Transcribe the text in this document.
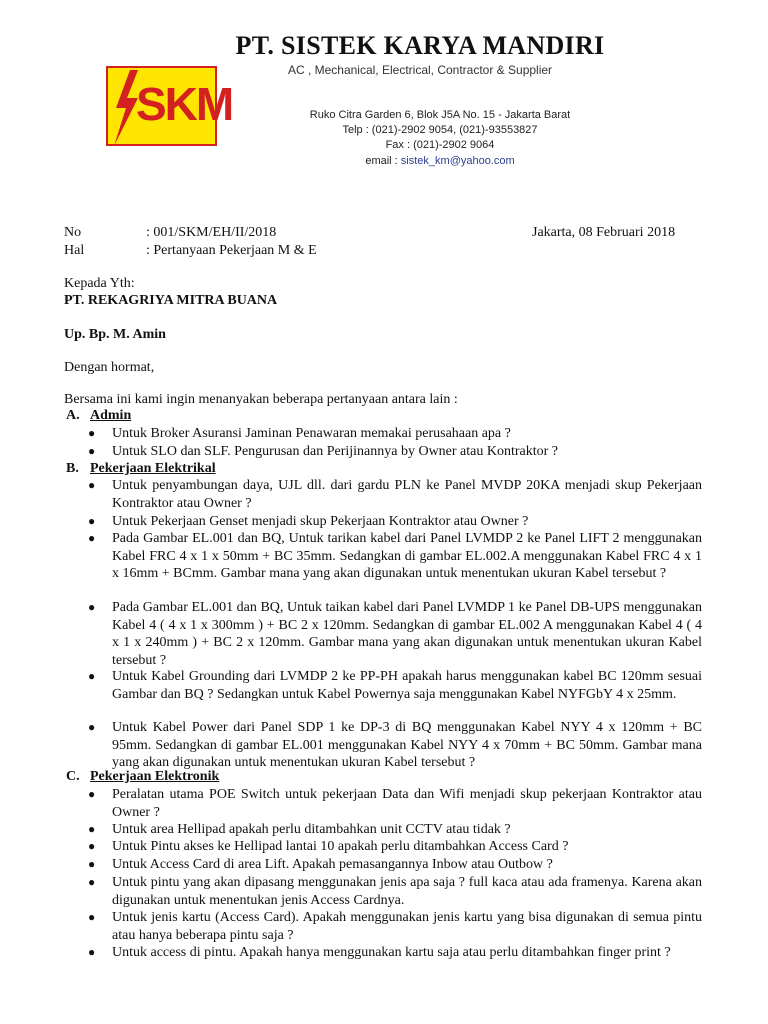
SKM
PT. SISTEK KARYA MANDIRI
AC , Mechanical, Electrical, Contractor & Supplier
Ruko Citra Garden 6, Blok J5A No. 15 - Jakarta Barat
Telp : (021)-2902 9054, (021)-93553827
Fax : (021)-2902 9064
email : sistek_km@yahoo.com
No	: 001/SKM/EH/II/2018
Hal	: Pertanyaan Pekerjaan M & E
Jakarta, 08 Februari 2018
Kepada Yth:
PT. REKAGRIYA MITRA BUANA
Up. Bp. M. Amin
Dengan hormat,
Bersama ini kami ingin menanyakan beberapa pertanyaan antara lain :
A. Admin
●	Untuk Broker Asuransi Jaminan Penawaran memakai perusahaan apa ?
●	Untuk SLO dan SLF. Pengurusan dan Perijinannya by Owner atau Kontraktor ?
B. Pekerjaan Elektrikal
●	Untuk penyambungan daya, UJL dll. dari gardu PLN ke Panel MVDP 20KA menjadi skup Pekerjaan Kontraktor atau Owner ?
●	Untuk Pekerjaan Genset menjadi skup Pekerjaan Kontraktor atau Owner ?
●	Pada Gambar EL.001 dan BQ, Untuk tarikan kabel dari Panel LVMDP 2 ke Panel LIFT 2 menggunakan Kabel FRC 4 x 1 x 50mm + BC 35mm. Sedangkan di gambar EL.002.A menggunakan Kabel FRC 4 x 1 x 16mm + BCmm. Gambar mana yang akan digunakan untuk menentukan ukuran Kabel tersebut ?
●	Pada Gambar EL.001 dan BQ, Untuk taikan kabel dari Panel LVMDP 1 ke Panel DB-UPS menggunakan Kabel 4 ( 4 x 1 x 300mm ) + BC 2 x 120mm. Sedangkan di gambar EL.002 A menggunakan Kabel 4 ( 4 x 1 x 240mm ) + BC 2 x 120mm. Gambar mana yang akan digunakan untuk menentukan ukuran Kabel tersebut ?
●	Untuk Kabel Grounding dari LVMDP 2 ke PP-PH apakah harus menggunakan kabel BC 120mm sesuai Gambar dan BQ ? Sedangkan untuk Kabel Powernya saja menggunakan Kabel NYFGbY 4 x 25mm.
●	Untuk Kabel Power dari Panel SDP 1 ke DP-3 di BQ menggunakan Kabel NYY 4 x 120mm + BC 95mm. Sedangkan di gambar EL.001 menggunakan Kabel NYY 4 x 70mm + BC 50mm. Gambar mana yang akan digunakan untuk menentukan ukuran Kabel tersebut ?
C. Pekerjaan Elektronik
●	Peralatan utama POE Switch untuk pekerjaan Data dan Wifi menjadi skup pekerjaan Kontraktor atau Owner ?
●	Untuk area Hellipad apakah perlu ditambahkan unit CCTV atau tidak ?
●	Untuk Pintu akses ke Hellipad lantai 10 apakah perlu ditambahkan Access Card ?
●	Untuk Access Card di area Lift. Apakah pemasangannya Inbow atau Outbow ?
●	Untuk pintu yang akan dipasang menggunakan jenis apa saja ? full kaca atau ada framenya. Karena akan digunakan untuk menentukan jenis Access Cardnya.
●	Untuk jenis kartu (Access Card). Apakah menggunakan jenis kartu yang bisa digunakan di semua pintu atau hanya beberapa pintu saja ?
●	Untuk access di pintu. Apakah hanya menggunakan kartu saja atau perlu ditambahkan finger print ?
